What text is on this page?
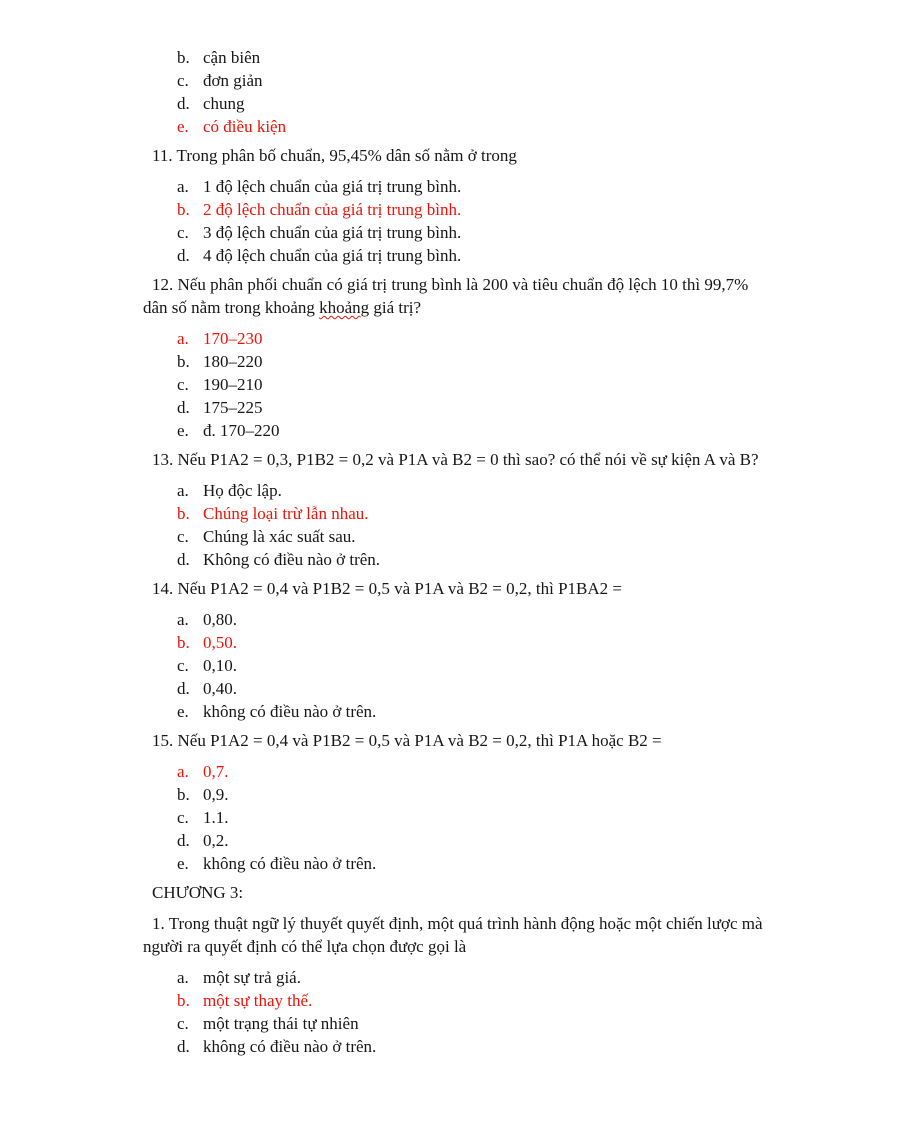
b. cận biên
c. đơn giản
d. chung
e. có điều kiện
11. Trong phân bố chuẩn, 95,45% dân số nằm ở trong
a. 1 độ lệch chuẩn của giá trị trung bình.
b. 2 độ lệch chuẩn của giá trị trung bình.
c. 3 độ lệch chuẩn của giá trị trung bình.
d. 4 độ lệch chuẩn của giá trị trung bình.
12. Nếu phân phối chuẩn có giá trị trung bình là 200 và tiêu chuẩn độ lệch 10 thì 99,7%
dân số nằm trong khoảng khoảng giá trị?
a. 170–230
b. 180–220
c. 190–210
d. 175–225
e. đ. 170–220
13. Nếu P1A2 = 0,3, P1B2 = 0,2 và P1A và B2 = 0 thì sao? có thể nói về sự kiện A và B?
a. Họ độc lập.
b. Chúng loại trừ lẫn nhau.
c. Chúng là xác suất sau.
d. Không có điều nào ở trên.
14. Nếu P1A2 = 0,4 và P1B2 = 0,5 và P1A và B2 = 0,2, thì P1BA2 =
a. 0,80.
b. 0,50.
c. 0,10.
d. 0,40.
e. không có điều nào ở trên.
15. Nếu P1A2 = 0,4 và P1B2 = 0,5 và P1A và B2 = 0,2, thì P1A hoặc B2 =
a. 0,7.
b. 0,9.
c. 1.1.
d. 0,2.
e. không có điều nào ở trên.
CHƯƠNG 3:
1. Trong thuật ngữ lý thuyết quyết định, một quá trình hành động hoặc một chiến lược mà
người ra quyết định có thể lựa chọn được gọi là
a. một sự trả giá.
b. một sự thay thế.
c. một trạng thái tự nhiên
d. không có điều nào ở trên.
